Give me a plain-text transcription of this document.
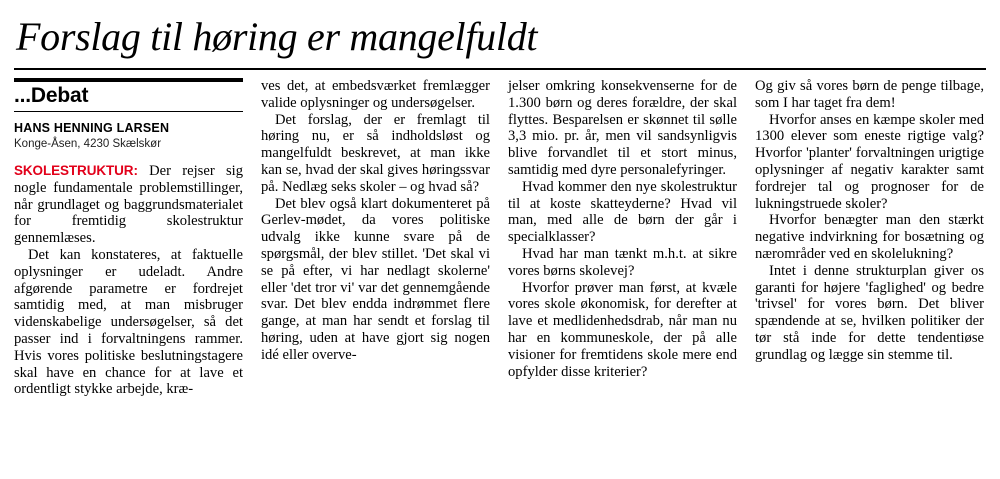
Forslag til høring er mangelfuldt
...Debat
HANS HENNING LARSEN
Konge-Åsen, 4230 Skælskør

SKOLESTRUKTUR: Der rejser sig nogle fundamentale problemstillinger, når grundlaget og baggrundsmaterialet for fremtidig skolestruktur gennemlæses.

Det kan konstateres, at faktuelle oplysninger er udeladt. Andre afgørende parametre er fordrejet samtidig med, at man misbruger videnskabelige undersøgelser, så det passer ind i forvaltningens rammer. Hvis vores politiske beslutningstagere skal have en chance for at lave et ordentligt stykke arbejde, kræ-

ves det, at embedsværket fremlægger valide oplysninger og undersøgelser.

Det forslag, der er fremlagt til høring nu, er så indholdsløst og mangelfuldt beskrevet, at man ikke kan se, hvad der skal gives høringssvar på. Nedlæg seks skoler – og hvad så?

Det blev også klart dokumenteret på Gerlev-mødet, da vores politiske udvalg ikke kunne svare på de spørgsmål, der blev stillet. 'Det skal vi se på efter, vi har nedlagt skolerne' eller 'det tror vi' var det gennemgående svar. Det blev endda indrømmet flere gange, at man har sendt et forslag til høring, uden at have gjort sig nogen idé eller overve-

jelser omkring konsekvenserne for de 1.300 børn og deres forældre, der skal flyttes. Besparelsen er skønnet til sølle 3,3 mio. pr. år, men vil sandsynligvis blive forvandlet til et stort minus, samtidig med dyre personalefyringer.

Hvad kommer den nye skolestruktur til at koste skatteyderne? Hvad vil man, med alle de børn der går i specialklasser?

Hvad har man tænkt m.h.t. at sikre vores børns skolevej?

Hvorfor prøver man først, at kvæle vores skole økonomisk, for derefter at lave et medlidenhedsdrab, når man nu har en kommuneskole, der på alle visioner for fremtidens skole mere end opfylder disse kriterier?

Og giv så vores børn de penge tilbage, som I har taget fra dem!

Hvorfor anses en kæmpe skoler med 1300 elever som eneste rigtige valg? Hvorfor 'planter' forvaltningen urigtige oplysninger af negativ karakter samt fordrejer tal og prognoser for de lukningstruede skoler?

Hvorfor benægter man den stærkt negative indvirkning for bosætning og nærområder ved en skolelukning?

Intet i denne strukturplan giver os garanti for højere 'faglighed' og bedre 'trivsel' for vores børn. Det bliver spændende at se, hvilken politiker der tør stå inde for dette tendentiøse grundlag og lægge sin stemme til.
